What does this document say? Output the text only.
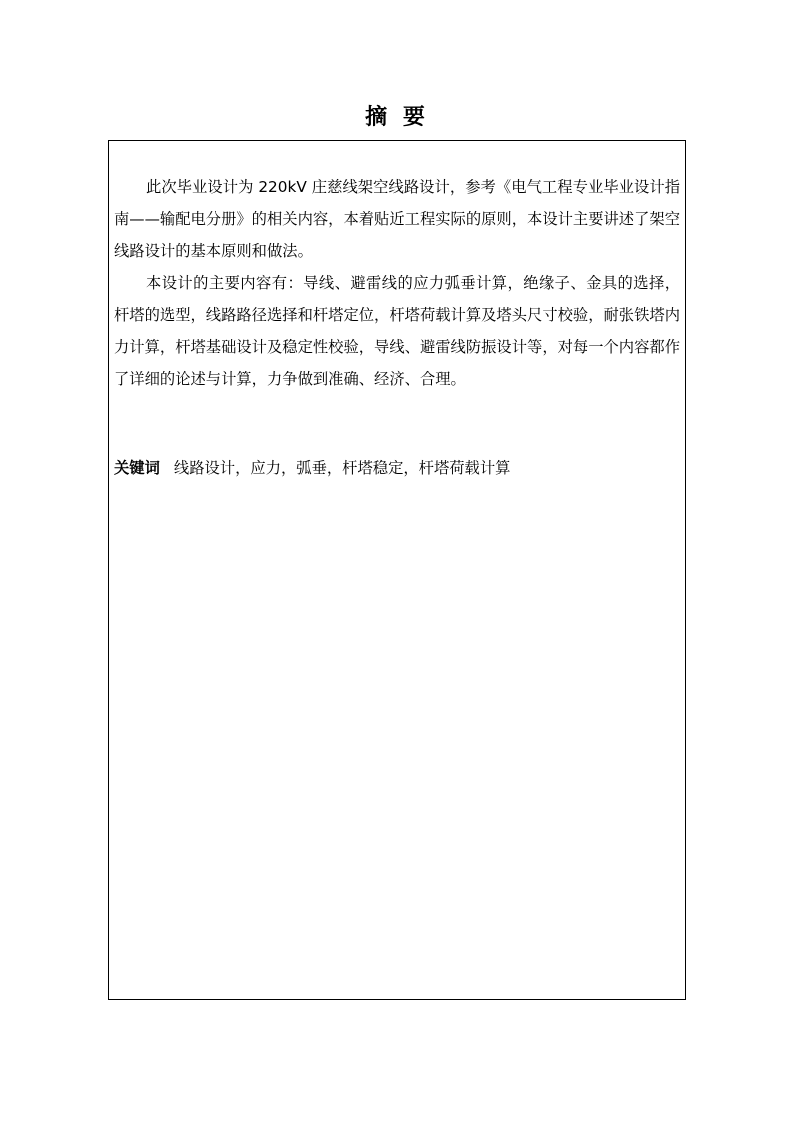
摘 要

此次毕业设计为 220kV 庄慈线架空线路设计，参考《电气工程专业毕业设计指南——输配电分册》的相关内容，本着贴近工程实际的原则，本设计主要讲述了架空线路设计的基本原则和做法。

本设计的主要内容有：导线、避雷线的应力弧垂计算，绝缘子、金具的选择，杆塔的选型，线路路径选择和杆塔定位，杆塔荷载计算及塔头尺寸校验，耐张铁塔内力计算，杆塔基础设计及稳定性校验，导线、避雷线防振设计等，对每一个内容都作了详细的论述与计算，力争做到准确、经济、合理。

关键词 线路设计，应力，弧垂，杆塔稳定，杆塔荷载计算
